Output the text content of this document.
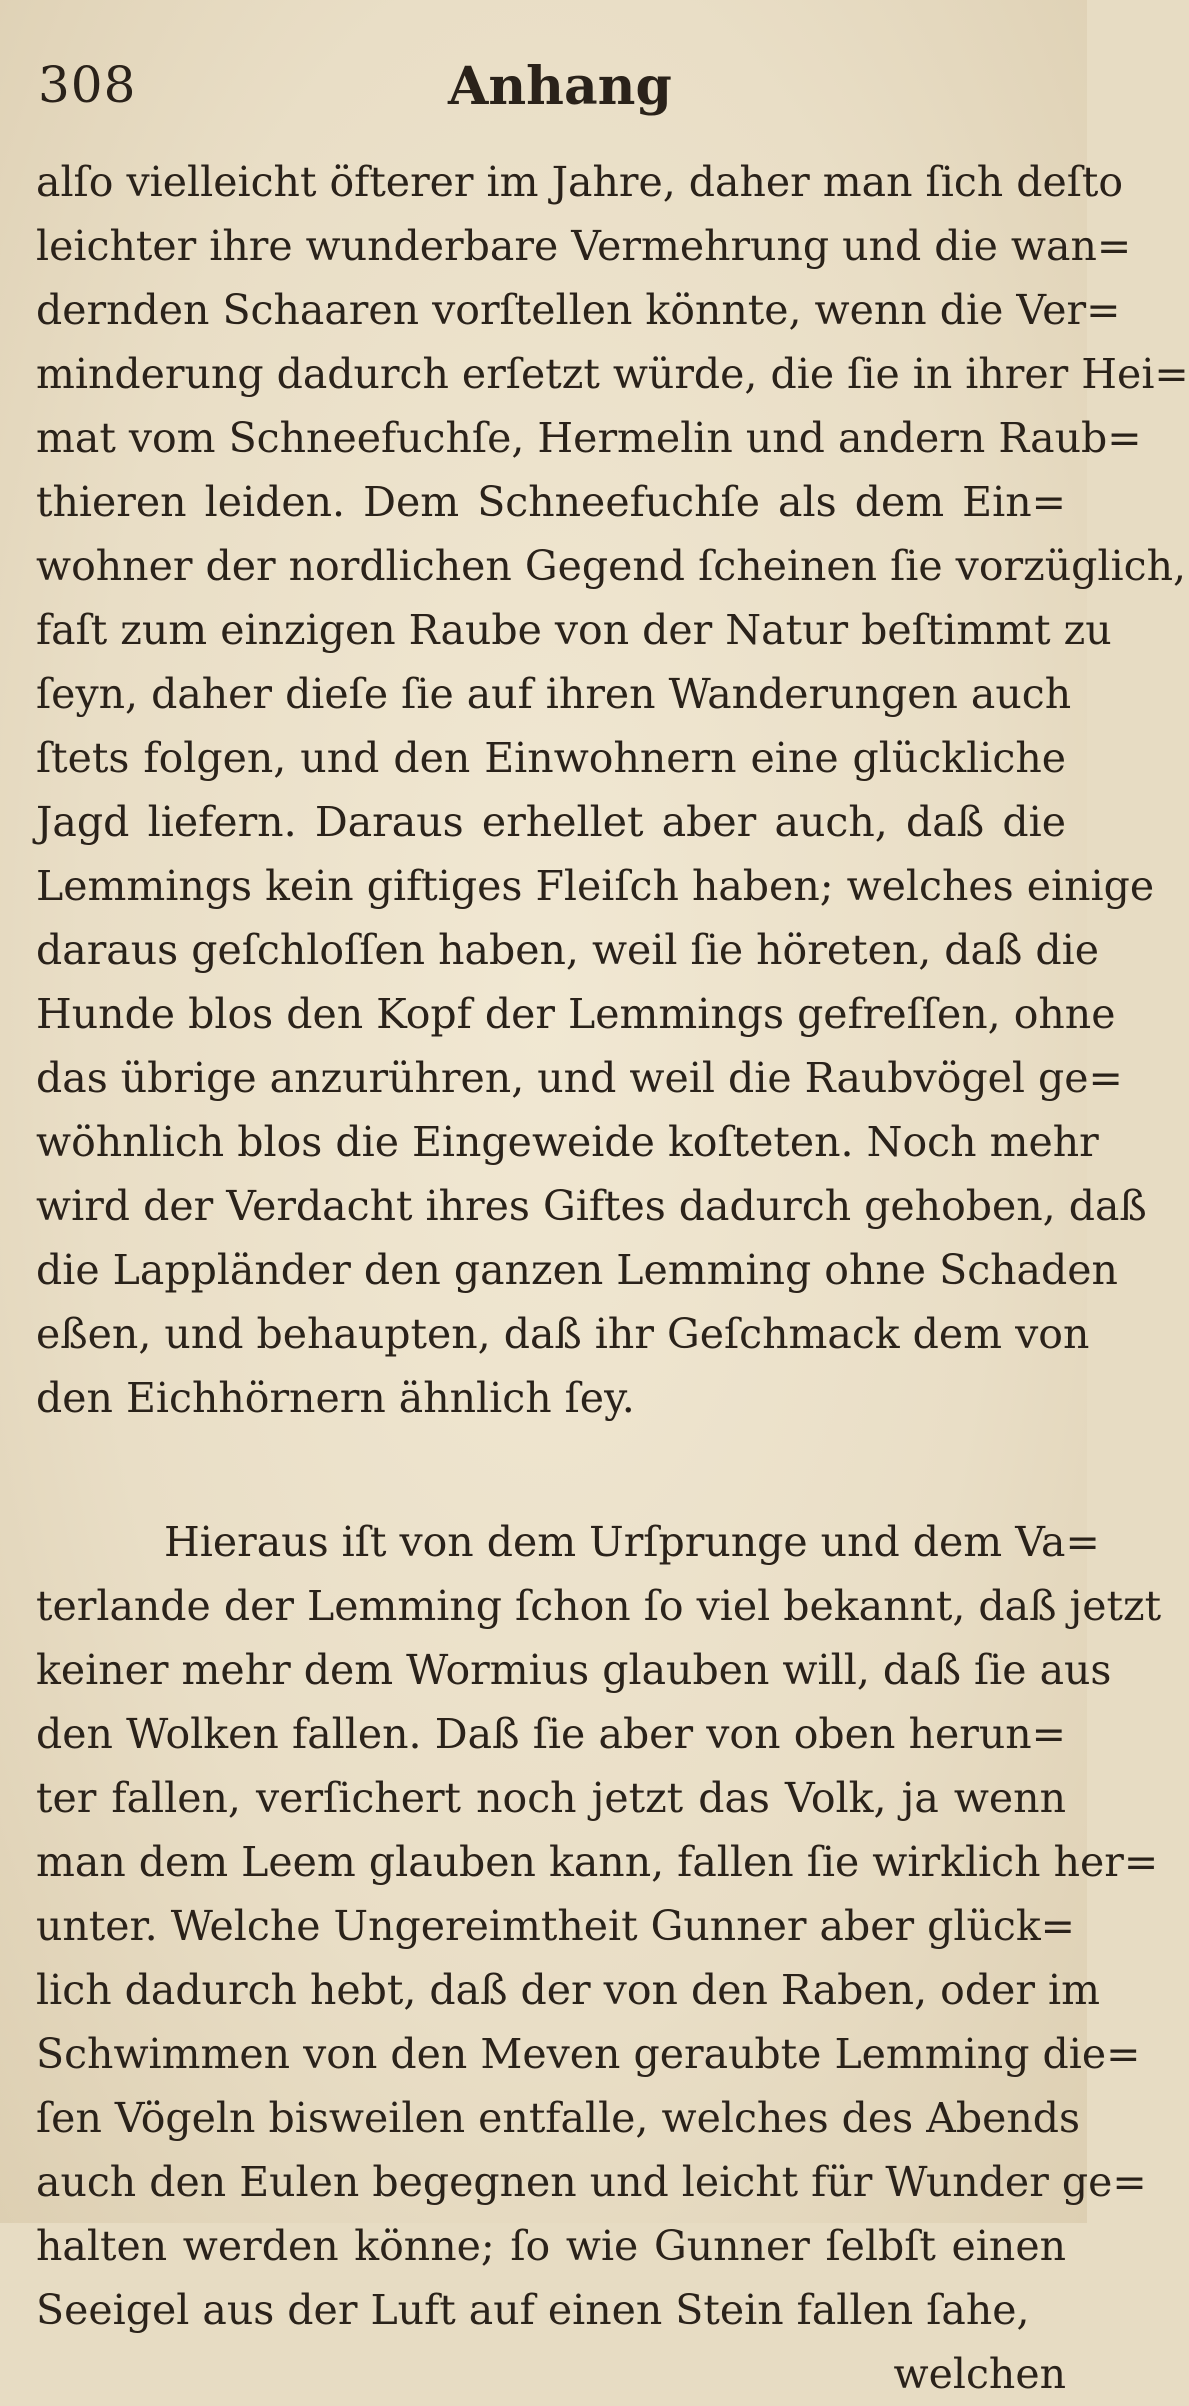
308	Anhang
alſo vielleicht öfterer im Jahre, daher man ſich deſto
leichter ihre wunderbare Vermehrung und die wan=
dernden Schaaren vorſtellen könnte, wenn die Ver=
minderung dadurch erſetzt würde, die ſie in ihrer Hei=
mat vom Schneefuchſe, Hermelin und andern Raub=
thieren leiden. Dem Schneefuchſe als dem Ein=
wohner der nordlichen Gegend ſcheinen ſie vorzüglich,
faſt zum einzigen Raube von der Natur beſtimmt zu
ſeyn, daher dieſe ſie auf ihren Wanderungen auch
ſtets folgen, und den Einwohnern eine glückliche
Jagd liefern. Daraus erhellet aber auch, daß die
Lemmings kein giftiges Fleiſch haben; welches einige
daraus geſchloſſen haben, weil ſie höreten, daß die
Hunde blos den Kopf der Lemmings gefreſſen, ohne
das übrige anzurühren, und weil die Raubvögel ge=
wöhnlich blos die Eingeweide koſteten. Noch mehr
wird der Verdacht ihres Giftes dadurch gehoben, daß
die Lappländer den ganzen Lemming ohne Schaden
eßen, und behaupten, daß ihr Geſchmack dem von
den Eichhörnern ähnlich ſey.
Hieraus iſt von dem Urſprunge und dem Va=
terlande der Lemming ſchon ſo viel bekannt, daß jetzt
keiner mehr dem Wormius glauben will, daß ſie aus
den Wolken fallen. Daß ſie aber von oben herun=
ter fallen, verſichert noch jetzt das Volk, ja wenn
man dem Leem glauben kann, fallen ſie wirklich her=
unter. Welche Ungereimtheit Gunner aber glück=
lich dadurch hebt, daß der von den Raben, oder im
Schwimmen von den Meven geraubte Lemming die=
ſen Vögeln bisweilen entfalle, welches des Abends
auch den Eulen begegnen und leicht für Wunder ge=
halten werden könne; ſo wie Gunner ſelbſt einen
Seeigel aus der Luft auf einen Stein fallen ſahe,
welchen
